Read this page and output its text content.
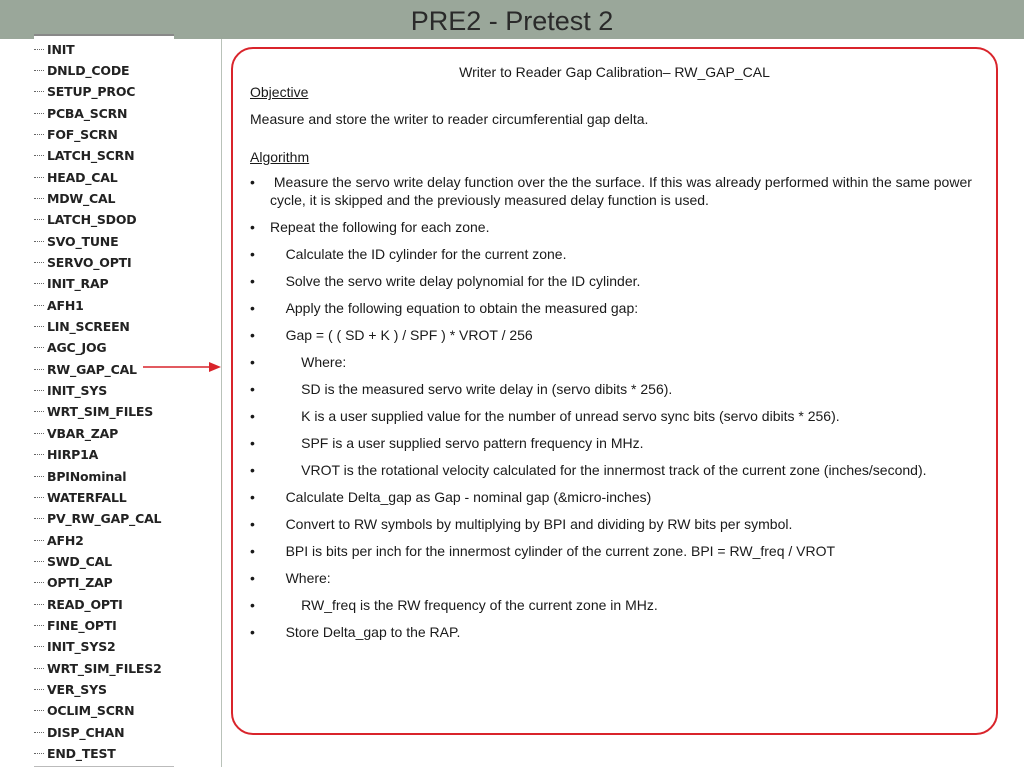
PRE2 - Pretest 2
INIT
DNLD_CODE
SETUP_PROC
PCBA_SCRN
FOF_SCRN
LATCH_SCRN
HEAD_CAL
MDW_CAL
LATCH_SDOD
SVO_TUNE
SERVO_OPTI
INIT_RAP
AFH1
LIN_SCREEN
AGC_JOG
RW_GAP_CAL
INIT_SYS
WRT_SIM_FILES
VBAR_ZAP
HIRP1A
BPINominal
WATERFALL
PV_RW_GAP_CAL
AFH2
SWD_CAL
OPTI_ZAP
READ_OPTI
FINE_OPTI
INIT_SYS2
WRT_SIM_FILES2
VER_SYS
OCLIM_SCRN
DISP_CHAN
END_TEST
Writer to Reader Gap Calibration– RW_GAP_CAL
Objective
Measure and store the writer to reader circumferential gap delta.
Algorithm
•	Measure the servo write delay function over the the surface. If this was already performed within the same power cycle, it is skipped and the previously measured delay function is used.
•	Repeat the following for each zone.
•	Calculate the ID cylinder for the current zone.
•	Solve the servo write delay polynomial for the ID cylinder.
•	Apply the following equation to obtain the measured gap:
•	Gap = ( ( SD + K ) / SPF ) * VROT / 256
•	Where:
•	SD is the measured servo write delay in (servo dibits * 256).
•	K is a user supplied value for the number of unread servo sync bits (servo dibits * 256).
•	SPF is a user supplied servo pattern frequency in MHz.
•	VROT is the rotational velocity calculated for the innermost track of the current zone (inches/second).
•	Calculate Delta_gap as Gap - nominal gap (&micro-inches)
•	Convert to RW symbols by multiplying by BPI and dividing by RW bits per symbol.
•	BPI is bits per inch for the innermost cylinder of the current zone. BPI = RW_freq / VROT
•	Where:
•	RW_freq is the RW frequency of the current zone in MHz.
•	Store Delta_gap to the RAP.
